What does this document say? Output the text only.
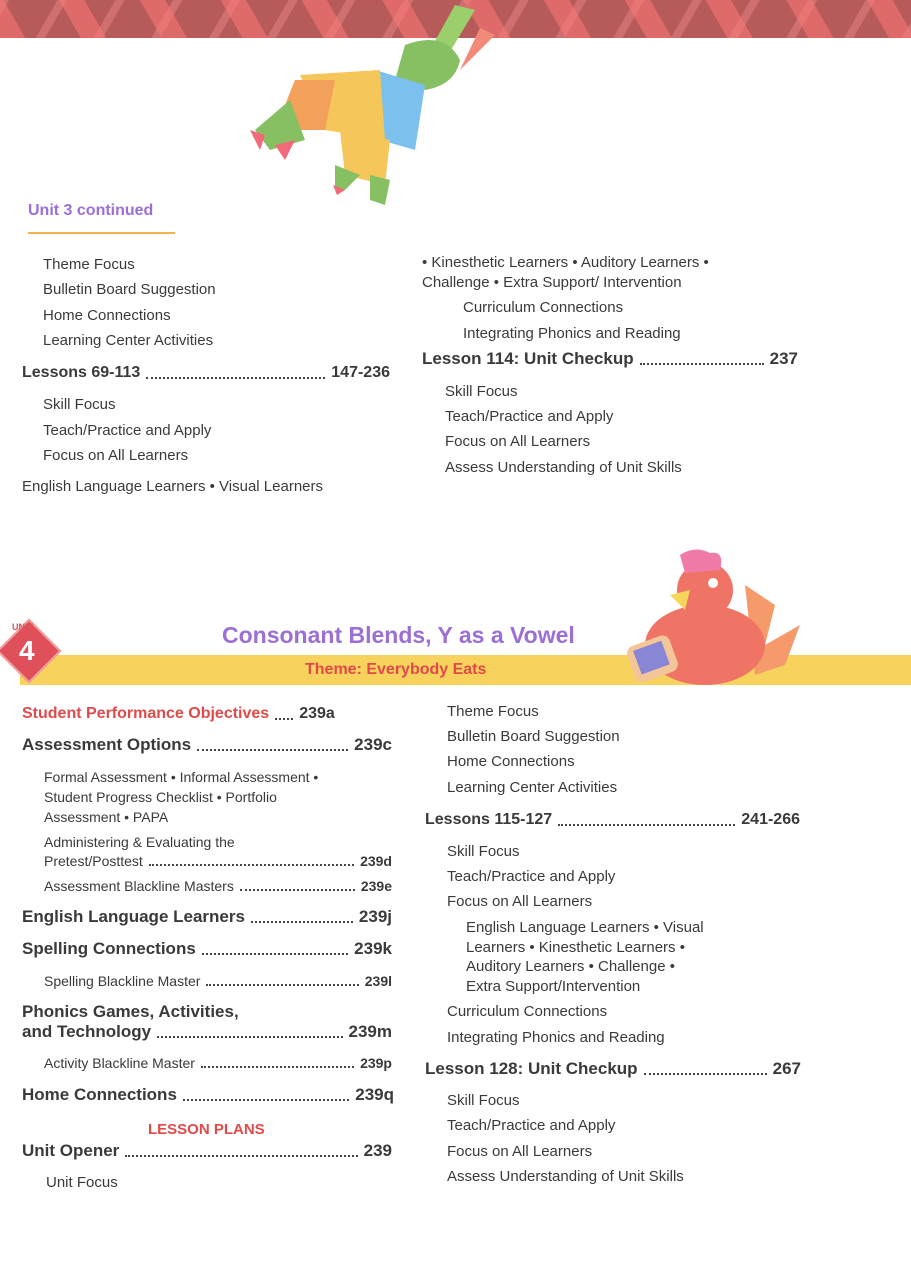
Unit 3 continued
Theme Focus
Bulletin Board Suggestion
Home Connections
Learning Center Activities
Lessons 69-113	147-236
Skill Focus
Teach/Practice and Apply
Focus on All Learners
English Language Learners • Visual Learners
• Kinesthetic Learners • Auditory Learners •
Challenge • Extra Support/ Intervention
Curriculum Connections
Integrating Phonics and Reading
Lesson 114: Unit Checkup	237
Skill Focus
Teach/Practice and Apply
Focus on All Learners
Assess Understanding of Unit Skills
UNIT
4	Consonant Blends, Y as a Vowel
Theme: Everybody Eats
Student Performance Objectives 239a
Assessment Options	239c
Formal Assessment • Informal Assessment •
Student Progress Checklist • Portfolio
Assessment • PAPA
Administering & Evaluating the
Pretest/Posttest	239d
Assessment Blackline Masters	239e
English Language Learners	239j
Spelling Connections	239k
Spelling Blackline Master	239l
Phonics Games, Activities,
and Technology	239m
Activity Blackline Master	239p
Home Connections	239q
LESSON PLANS
Unit Opener	239
Unit Focus
Theme Focus
Bulletin Board Suggestion
Home Connections
Learning Center Activities
Lessons 115-127	241-266
Skill Focus
Teach/Practice and Apply
Focus on All Learners
English Language Learners • Visual
Learners • Kinesthetic Learners •
Auditory Learners • Challenge •
Extra Support/Intervention
Curriculum Connections
Integrating Phonics and Reading
Lesson 128: Unit Checkup	267
Skill Focus
Teach/Practice and Apply
Focus on All Learners
Assess Understanding of Unit Skills
